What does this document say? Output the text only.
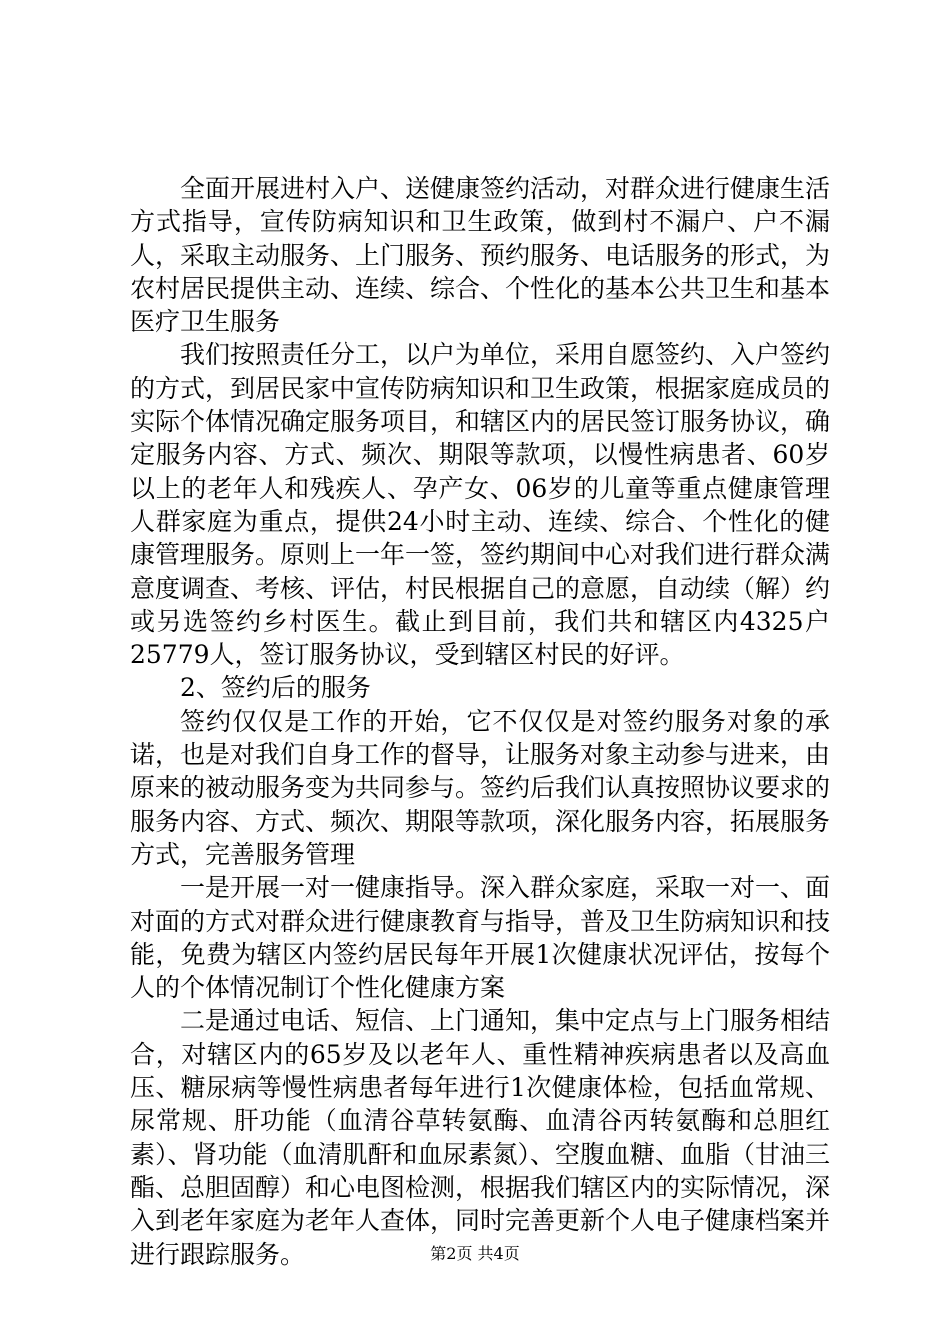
全面开展进村入户、送健康签约活动，对群众进行健康生活方式指导，宣传防病知识和卫生政策，做到村不漏户、户不漏人，采取主动服务、上门服务、预约服务、电话服务的形式，为农村居民提供主动、连续、综合、个性化的基本公共卫生和基本医疗卫生服务

我们按照责任分工，以户为单位，采用自愿签约、入户签约的方式，到居民家中宣传防病知识和卫生政策，根据家庭成员的实际个体情况确定服务项目，和辖区内的居民签订服务协议，确定服务内容、方式、频次、期限等款项，以慢性病患者、60岁以上的老年人和残疾人、孕产女、06岁的儿童等重点健康管理人群家庭为重点，提供24小时主动、连续、综合、个性化的健康管理服务。原则上一年一签，签约期间中心对我们进行群众满意度调查、考核、评估，村民根据自己的意愿，自动续（解）约或另选签约乡村医生。截止到目前，我们共和辖区内4325户25779人，签订服务协议，受到辖区村民的好评。

2、签约后的服务

签约仅仅是工作的开始，它不仅仅是对签约服务对象的承诺，也是对我们自身工作的督导，让服务对象主动参与进来，由原来的被动服务变为共同参与。签约后我们认真按照协议要求的服务内容、方式、频次、期限等款项，深化服务内容，拓展服务方式，完善服务管理

一是开展一对一健康指导。深入群众家庭，采取一对一、面对面的方式对群众进行健康教育与指导，普及卫生防病知识和技能，免费为辖区内签约居民每年开展1次健康状况评估，按每个人的个体情况制订个性化健康方案

二是通过电话、短信、上门通知，集中定点与上门服务相结合，对辖区内的65岁及以老年人、重性精神疾病患者以及高血压、糖尿病等慢性病患者每年进行1次健康体检，包括血常规、尿常规、肝功能（血清谷草转氨酶、血清谷丙转氨酶和总胆红素）、肾功能（血清肌酐和血尿素氮）、空腹血糖、血脂（甘油三酯、总胆固醇）和心电图检测，根据我们辖区内的实际情况，深入到老年家庭为老年人查体，同时完善更新个人电子健康档案并进行跟踪服务。	第2页 共4页
